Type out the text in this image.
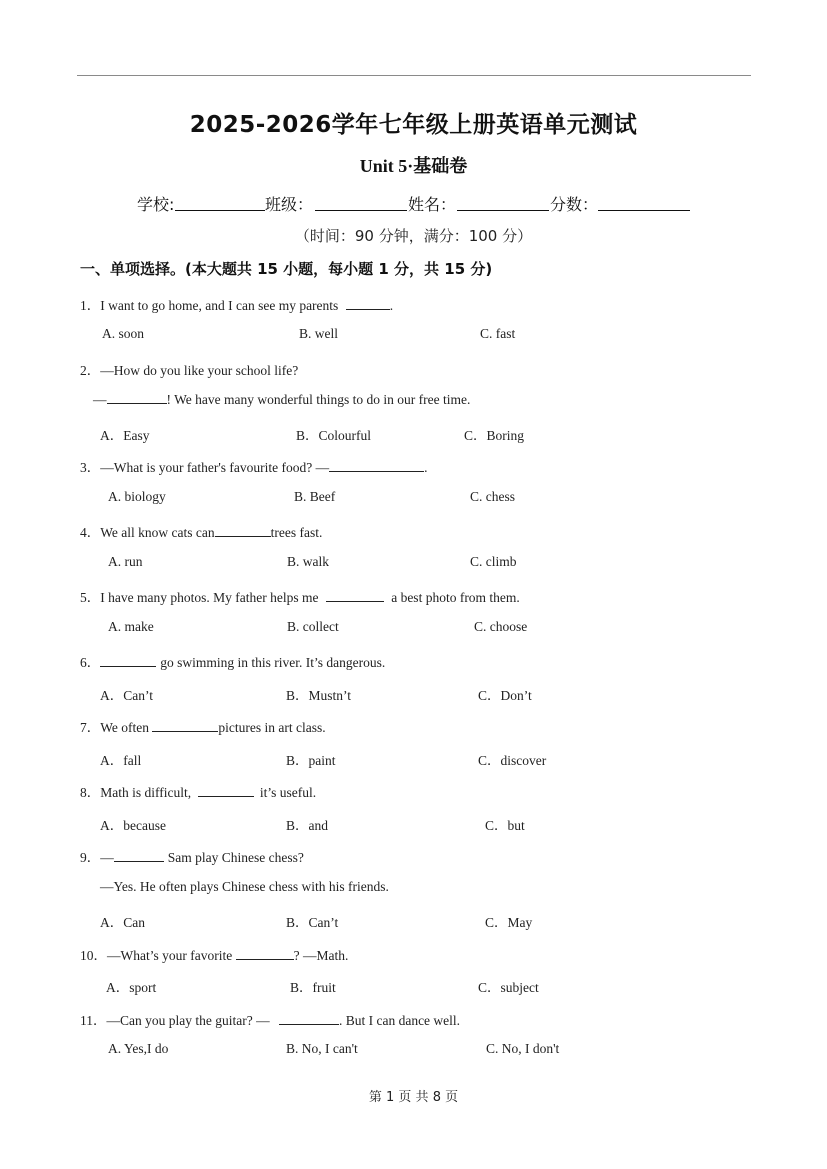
2025-2026学年七年级上册英语单元测试
Unit 5·基础卷
学校:	班级：	姓名：	分数：
（时间：90 分钟，满分：100 分）
一、单项选择。(本大题共 15 小题，每小题 1 分，共 15 分)
1．I want to go home, and I can see my parents	.
A. soon	B. well	C. fast
2．—How do you like your school life?
—	! We have many wonderful things to do in our free time.
A．Easy	B．Colourful	C．Boring
3．—What is your father's favourite food? —	.
A. biology	B. Beef	C. chess
4．We all know cats can	trees fast.
A. run	B. walk	C. climb
5．I have many photos. My father helps me	a best photo from them.
A. make	B. collect	C. choose
6．	go swimming in this river. It’s dangerous.
A．Can’t	B．Mustn’t	C．Don’t
7．We often	pictures in art class.
A．fall	B．paint	C．discover
8．Math is difficult,	it’s useful.
A．because	B．and	C．but
9．—	Sam play Chinese chess?
—Yes. He often plays Chinese chess with his friends.
A．Can	B．Can’t	C．May
10．—What’s your favorite	? —Math.
A．sport	B．fruit	C．subject
11．—Can you play the guitar? —	. But I can dance well.
A. Yes,I do	B. No, I can't	C. No, I don't
第 1 页 共 8 页
